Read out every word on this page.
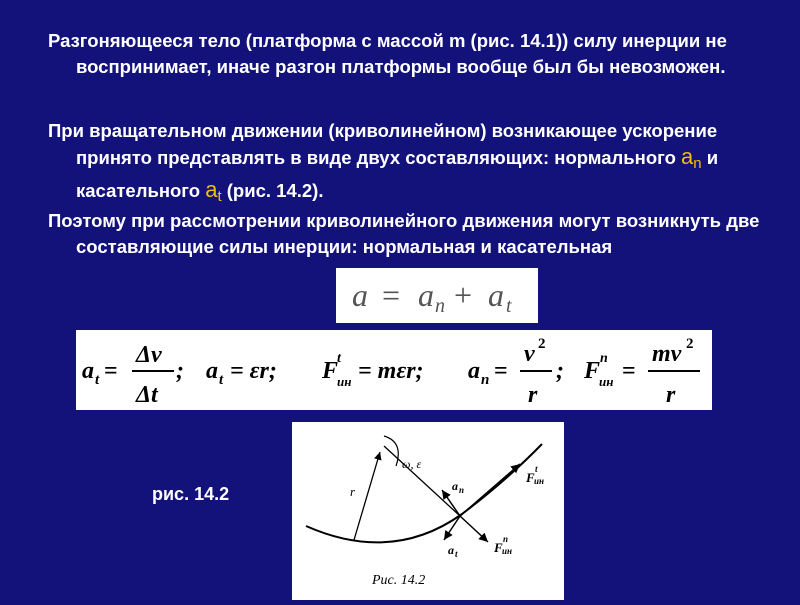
Разгоняющееся тело (платформа с массой m (рис. 14.1)) силу инерции не воспринимает, иначе разгон платформы вообще был бы невозможен.
При вращательном движении (криволинейном) возникающее ускорение принято представлять в виде двух составляющих: нормального $a_n$ и касательного $a_t$ (рис. 14.2).
Поэтому при рассмотрении криволинейного движения могут возникнуть две составляющие силы инерции: нормальная и касательная
a = a n + a t
a t =
Δv
Δt
; a t = εr; F
t
ин = mεr; a n =
v 2
r
; F n
ин =
mv 2
r
ω, ε
r	a n
a t
F
t
ин
F
n
ин
Рис. 14.2
рис. 14.2
